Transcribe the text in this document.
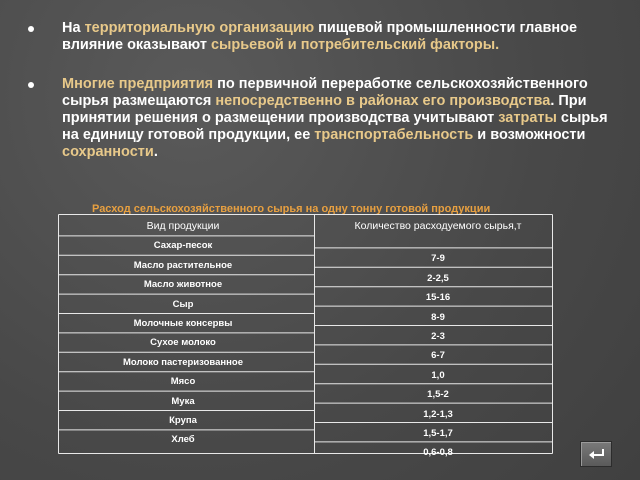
На территориальную организацию пищевой промышленности главное влияние оказывают сырьевой и потребительский факторы.
Многие предприятия по первичной переработке сельскохозяйственного сырья размещаются непосредственно в районах его производства. При принятии решения о размещении производства учитывают затраты сырья на единицу готовой продукции, ее транспортабельность и возможности сохранности.
Расход сельскохозяйственного сырья на одну тонну готовой продукции
Вид продукции	Количество расходуемого сырья,т
Сахар-песок
7-9
Масло растительное
2-2,5
Масло животное
15-16
Сыр
8-9
Молочные консервы
2-3
Сухое молоко
6-7
Молоко пастеризованное
1,0
Мясо
1,5-2
Мука
1,2-1,3
Крупа
1,5-1,7
Хлеб
0,6-0,8
